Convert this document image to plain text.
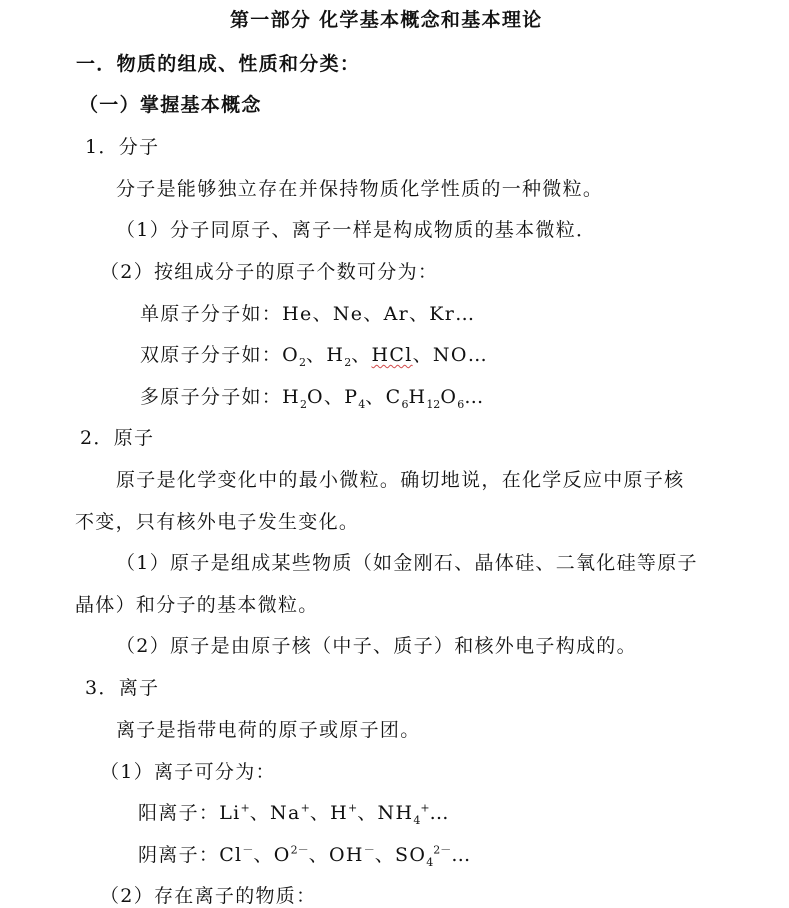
第一部分 化学基本概念和基本理论
一．物质的组成、性质和分类：
（一）掌握基本概念
1．分子
分子是能够独立存在并保持物质化学性质的一种微粒。
（1）分子同原子、离子一样是构成物质的基本微粒．
（2）按组成分子的原子个数可分为：
单原子分子如：He、Ne、Ar、Kr…
双原子分子如：$O_2$、$H_2$、HCl、NO…
多原子分子如：$H_2O$、$P_4$、$C_6H_{12}O_6\dots$
2．原子
原子是化学变化中的最小微粒。确切地说，在化学反应中原子核
不变，只有核外电子发生变化。
（1）原子是组成某些物质（如金刚石、晶体硅、二氧化硅等原子
晶体）和分子的基本微粒。
（2）原子是由原子核（中子、质子）和核外电子构成的。
3．离子
离子是指带电荷的原子或原子团。
（1）离子可分为：
阳离子：Li+、Na+、H+、$NH_4^+\dots$
阴离子：Cl－、$O^{2-}$、OH－、$SO_4^{2-}\dots$
（2）存在离子的物质：
